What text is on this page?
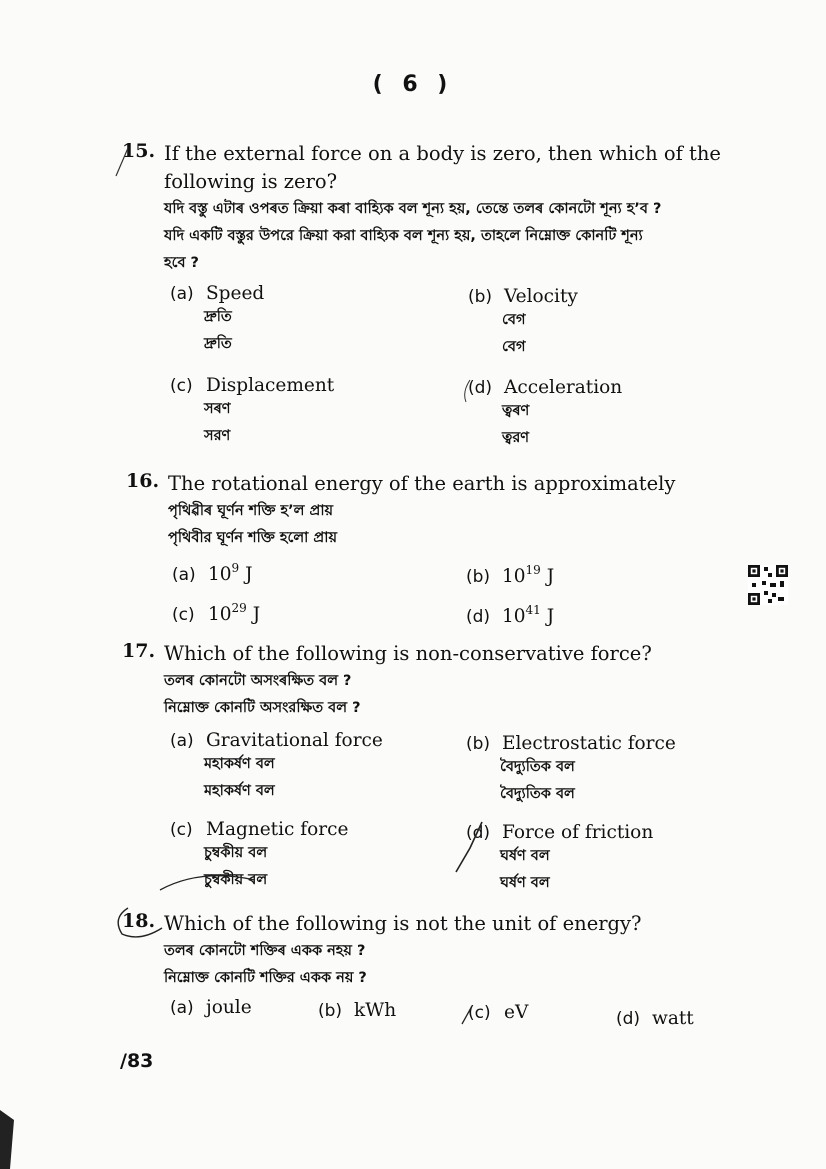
( 6 )
15. If the external force on a body is zero, then which of the
following is zero?
যদি বস্তু এটাৰ ওপৰত ক্ৰিয়া কৰা বাহ্যিক বল শূন্য হয়, তেন্তে তলৰ কোনটো শূন্য হ’ব ?
যদি একটি বস্তুর উপরে ক্রিয়া করা বাহ্যিক বল শূন্য হয়, তাহলে নিম্নোক্ত কোনটি শূন্য
হবে ?
(a) Speed
দ্ৰুতি
দ্রুতি
(b) Velocity
বেগ
বেগ
(c) Displacement
সৰণ
সরণ
(d) Acceleration
ত্বৰণ
ত্বরণ
16. The rotational energy of the earth is approximately
পৃথিৱীৰ ঘূৰ্ণন শক্তি হ’ল প্ৰায়
পৃথিবীর ঘূর্ণন শক্তি হলো প্রায়
(a) $10^9$ J	(b) $10^{19}$ J
(c) $10^{29}$ J	(d) $10^{41}$ J
17. Which of the following is non-conservative force?
তলৰ কোনটো অসংৰক্ষিত বল ?
নিম্নোক্ত কোনটি অসংরক্ষিত বল ?
(a) Gravitational force
মহাকৰ্ষণ বল
মহাকর্ষণ বল
(b) Electrostatic force
বৈদ্যুতিক বল
বৈদ্যুতিক বল
(c) Magnetic force
চুম্বকীয় বল
চুম্বকীয় বল
(d) Force of friction
ঘৰ্ষণ বল
ঘর্ষণ বল
18. Which of the following is not the unit of energy?
তলৰ কোনটো শক্তিৰ একক নহয় ?
নিম্নোক্ত কোনটি শক্তির একক নয় ?
(a) joule	(b) kWh	(c) eV	(d) watt
/83
